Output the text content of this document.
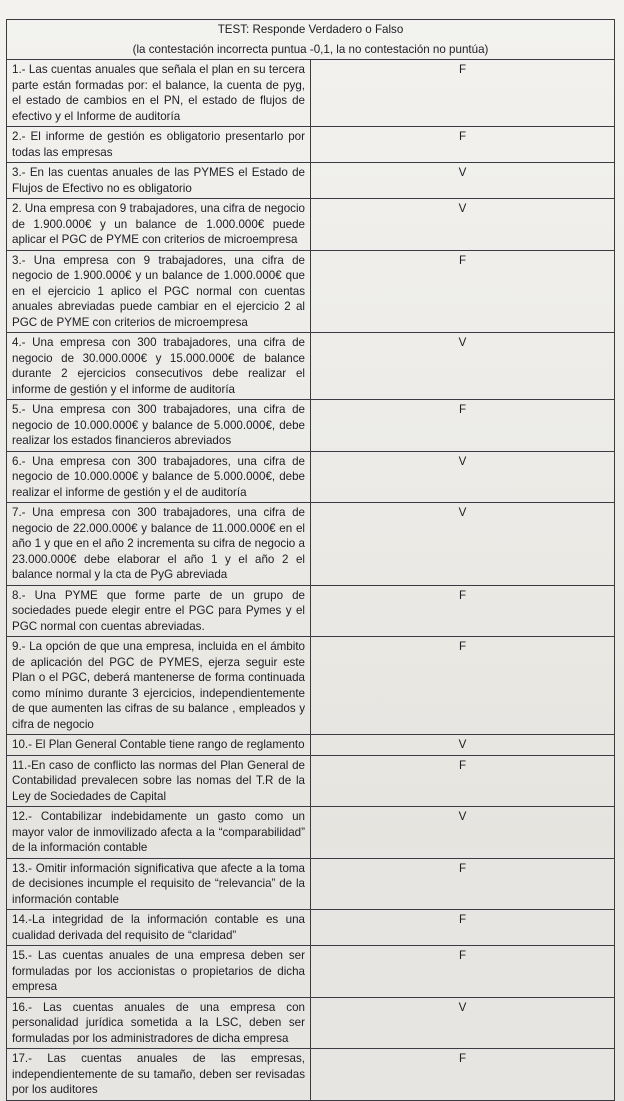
TEST: Responde Verdadero o Falso
(la contestación incorrecta puntua -0,1, la no contestación no puntúa)	

1.- Las cuentas anuales que señala el plan en su tercera parte están formadas por: el balance, la cuenta de pyg, el estado de cambios en el PN, el estado de flujos de efectivo y el Informe de auditoría	F
2.- El informe de gestión es obligatorio presentarlo por todas las empresas	F
3.- En las cuentas anuales de las PYMES el Estado de Flujos de Efectivo no es obligatorio	V
2. Una empresa con 9 trabajadores, una cifra de negocio de 1.900.000€ y un balance de 1.000.000€ puede aplicar el PGC de PYME con criterios de microempresa	V
3.- Una empresa con 9 trabajadores, una cifra de negocio de 1.900.000€ y un balance de 1.000.000€ que en el ejercicio 1 aplico el PGC normal con cuentas anuales abreviadas puede cambiar en el ejercicio 2 al PGC de PYME con criterios de microempresa	F
4.- Una empresa con 300 trabajadores, una cifra de negocio de 30.000.000€ y 15.000.000€ de balance durante 2 ejercicios consecutivos debe realizar el informe de gestión y el informe de auditoría	V
5.- Una empresa con 300 trabajadores, una cifra de negocio de 10.000.000€ y balance de 5.000.000€, debe realizar los estados financieros abreviados	F
6.- Una empresa con 300 trabajadores, una cifra de negocio de 10.000.000€ y balance de 5.000.000€, debe realizar el informe de gestión y el de auditoría	V
7.- Una empresa con 300 trabajadores, una cifra de negocio de 22.000.000€ y balance de 11.000.000€ en el año 1 y que en el año 2 incrementa su cifra de negocio a 23.000.000€ debe elaborar el año 1 y el año 2 el balance normal y la cta de PyG abreviada	V
8.- Una PYME que forme parte de un grupo de sociedades puede elegir entre el PGC para Pymes y el PGC normal con cuentas abreviadas.	F
9.- La opción de que una empresa, incluida en el ámbito de aplicación del PGC de PYMES, ejerza seguir este Plan o el PGC, deberá mantenerse de forma continuada como mínimo durante 3 ejercicios, independientemente de que aumenten las cifras de su balance , empleados y cifra de negocio	F
10.- El Plan General Contable tiene rango de reglamento	V
11.-En caso de conflicto las normas del Plan General de Contabilidad prevalecen sobre las nomas del T.R de la Ley de Sociedades de Capital	F
12.- Contabilizar indebidamente un gasto como un mayor valor de inmovilizado afecta a la “comparabilidad” de la información contable	V
13.- Omitir información significativa que afecte a la toma de decisiones incumple el requisito de “relevancia” de la información contable	F
14.-La integridad de la información contable es una cualidad derivada del requisito de “claridad”	F
15.- Las cuentas anuales de una empresa deben ser formuladas por los accionistas o propietarios de dicha empresa	F
16.- Las cuentas anuales de una empresa con personalidad jurídica sometida a la LSC, deben ser formuladas por los administradores de dicha empresa	V
17.- Las cuentas anuales de las empresas, independientemente de su tamaño, deben ser revisadas por los auditores	F
